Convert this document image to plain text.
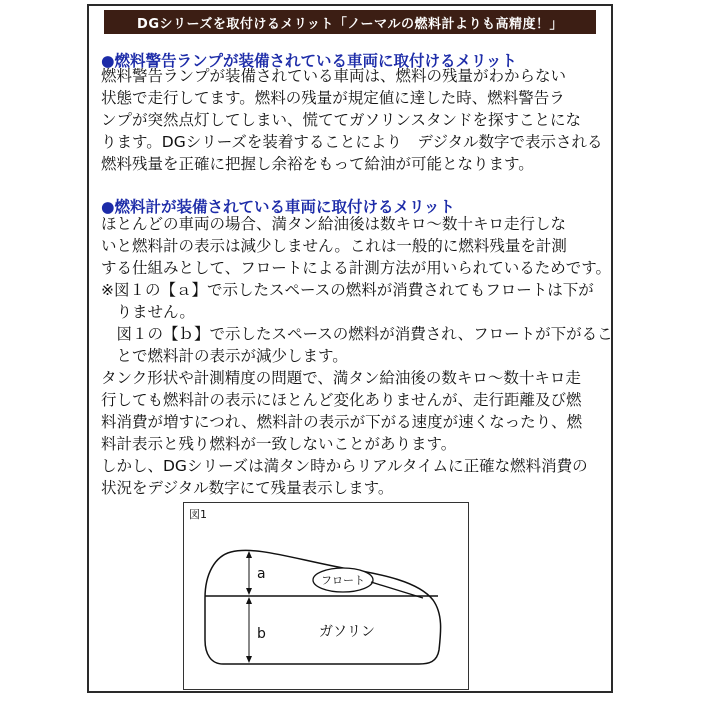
DGシリーズを取付けるメリット「ノーマルの燃料計よりも高精度！」
●燃料警告ランプが装備されている車両に取付けるメリット
燃料警告ランプが装備されている車両は、燃料の残量がわからない
状態で走行してます。燃料の残量が規定値に達した時、燃料警告ラ
ンプが突然点灯してしまい、慌ててガソリンスタンドを探すことにな
ります。DGシリーズを装着することにより　デジタル数字で表示される
燃料残量を正確に把握し余裕をもって給油が可能となります。
●燃料計が装備されている車両に取付けるメリット
ほとんどの車両の場合、満タン給油後は数キロ～数十キロ走行しな
いと燃料計の表示は減少しません。これは一般的に燃料残量を計測
する仕組みとして、フロートによる計測方法が用いられているためです。
※図１の【ａ】で示したスペースの燃料が消費されてもフロートは下が
　りません。
　図１の【ｂ】で示したスペースの燃料が消費され、フロートが下がるこ
　とで燃料計の表示が減少します。
タンク形状や計測精度の問題で、満タン給油後の数キロ～数十キロ走
行しても燃料計の表示にほとんど変化ありませんが、走行距離及び燃
料消費が増すにつれ、燃料計の表示が下がる速度が速くなったり、燃
料計表示と残り燃料が一致しないことがあります。
しかし、DGシリーズは満タン時からリアルタイムに正確な燃料消費の
状況をデジタル数字にて残量表示します。
図1
フロート
a
b	ガソリン
